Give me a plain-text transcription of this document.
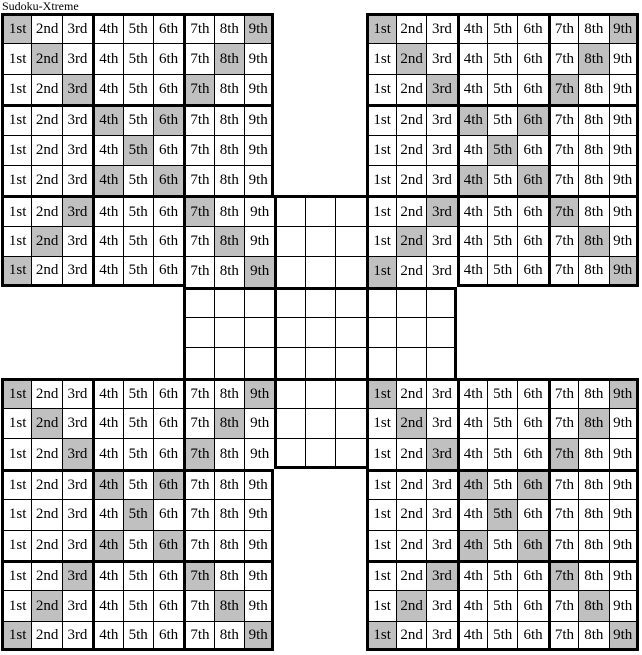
Sudoku-Xtreme
1st 2nd 3rd 4th 5th 6th 7th 8th 9th	1st 2nd 3rd 4th 5th 6th 7th 8th 9th
1st 2nd 3rd 4th 5th 6th 7th 8th 9th	1st 2nd 3rd 4th 5th 6th 7th 8th 9th
1st 2nd 3rd 4th 5th 6th 7th 8th 9th	1st 2nd 3rd 4th 5th 6th 7th 8th 9th
1st 2nd 3rd 4th 5th 6th 7th 8th 9th	1st 2nd 3rd 4th 5th 6th 7th 8th 9th
1st 2nd 3rd 4th 5th 6th 7th 8th 9th	1st 2nd 3rd 4th 5th 6th 7th 8th 9th
1st 2nd 3rd 4th 5th 6th 7th 8th 9th	1st 2nd 3rd 4th 5th 6th 7th 8th 9th
1st 2nd 3rd 4th 5th 6th 7th 8th 9th	1st 2nd 3rd 4th 5th 6th 7th 8th 9th
1st 2nd 3rd 4th 5th 6th 7th 8th 9th	1st 2nd 3rd 4th 5th 6th 7th 8th 9th
1st 2nd 3rd 4th 5th 6th 7th 8th 9th	1st 2nd 3rd 4th 5th 6th 7th 8th 9th
1st 2nd 3rd 4th 5th 6th 7th 8th 9th	1st 2nd 3rd 4th 5th 6th 7th 8th 9th
1st 2nd 3rd 4th 5th 6th 7th 8th 9th	1st 2nd 3rd 4th 5th 6th 7th 8th 9th
1st 2nd 3rd 4th 5th 6th 7th 8th 9th	1st 2nd 3rd 4th 5th 6th 7th 8th 9th
1st 2nd 3rd 4th 5th 6th 7th 8th 9th	1st 2nd 3rd 4th 5th 6th 7th 8th 9th
1st 2nd 3rd 4th 5th 6th 7th 8th 9th	1st 2nd 3rd 4th 5th 6th 7th 8th 9th
1st 2nd 3rd 4th 5th 6th 7th 8th 9th	1st 2nd 3rd 4th 5th 6th 7th 8th 9th
1st 2nd 3rd 4th 5th 6th 7th 8th 9th	1st 2nd 3rd 4th 5th 6th 7th 8th 9th
1st 2nd 3rd 4th 5th 6th 7th 8th 9th	1st 2nd 3rd 4th 5th 6th 7th 8th 9th
1st 2nd 3rd 4th 5th 6th 7th 8th 9th	1st 2nd 3rd 4th 5th 6th 7th 8th 9th
